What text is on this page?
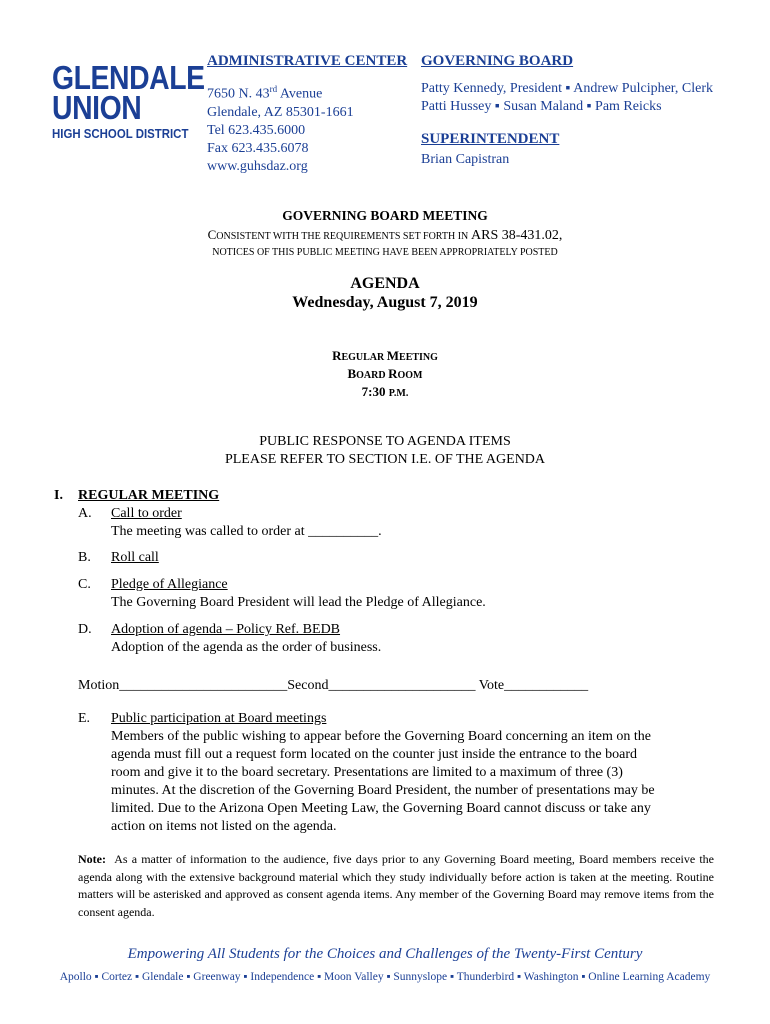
GLENDALE
UNION
HIGH SCHOOL DISTRICT
ADMINISTRATIVE CENTER
7650 N. 43rd Avenue
Glendale, AZ 85301-1661
Tel 623.435.6000
Fax 623.435.6078
www.guhsdaz.org
GOVERNING BOARD
Patty Kennedy, President ▪ Andrew Pulcipher, Clerk
Patti Hussey ▪ Susan Maland ▪ Pam Reicks
SUPERINTENDENT
Brian Capistran
GOVERNING BOARD MEETING
CONSISTENT WITH THE REQUIREMENTS SET FORTH IN ARS 38-431.02,
NOTICES OF THIS PUBLIC MEETING HAVE BEEN APPROPRIATELY POSTED
AGENDA
Wednesday, August 7, 2019
REGULAR MEETING
BOARD ROOM
7:30 P.M.
PUBLIC RESPONSE TO AGENDA ITEMS
PLEASE REFER TO SECTION I.E. OF THE AGENDA
I. REGULAR MEETING
A. Call to order
The meeting was called to order at __________.
B. Roll call
C. Pledge of Allegiance
The Governing Board President will lead the Pledge of Allegiance.
D. Adoption of agenda – Policy Ref. BEDB
Adoption of the agenda as the order of business.
Motion________________________Second_____________________ Vote____________
E. Public participation at Board meetings
Members of the public wishing to appear before the Governing Board concerning an item on the
agenda must fill out a request form located on the counter just inside the entrance to the board
room and give it to the board secretary. Presentations are limited to a maximum of three (3)
minutes. At the discretion of the Governing Board President, the number of presentations may be
limited. Due to the Arizona Open Meeting Law, the Governing Board cannot discuss or take any
action on items not listed on the agenda.
Note: As a matter of information to the audience, five days prior to any Governing Board meeting, Board members receive the agenda along with the extensive background material which they study individually before action is taken at the meeting. Routine matters will be asterisked and approved as consent agenda items. Any member of the Governing Board may remove items from the consent agenda.
Empowering All Students for the Choices and Challenges of the Twenty-First Century
Apollo ▪ Cortez ▪ Glendale ▪ Greenway ▪ Independence ▪ Moon Valley ▪ Sunnyslope ▪ Thunderbird ▪ Washington ▪ Online Learning Academy
